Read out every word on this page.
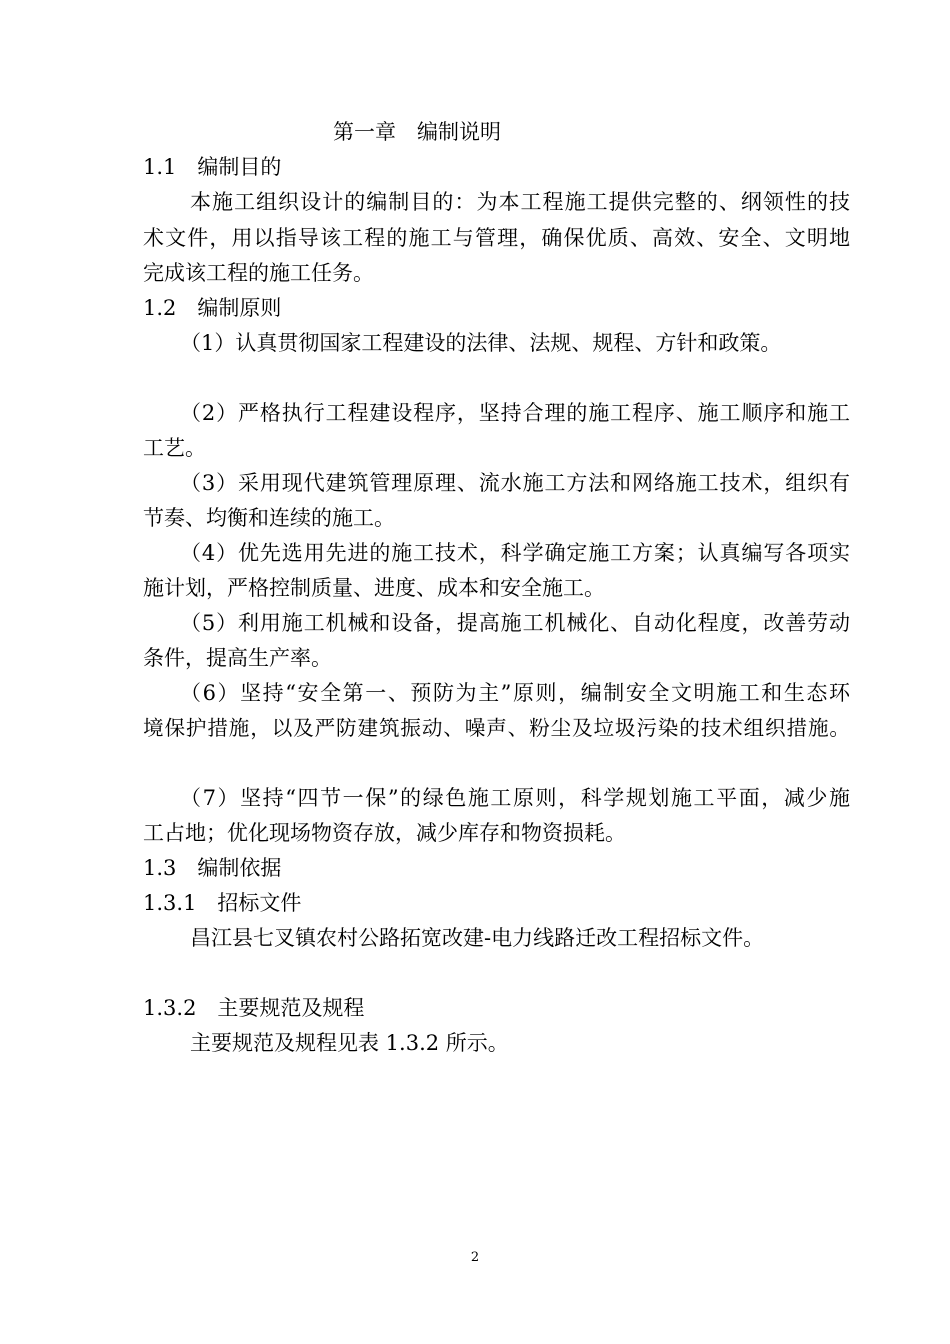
第一章　编制说明
1.1　编制目的
本施工组织设计的编制目的：为本工程施工提供完整的、纲领性的技
术文件，用以指导该工程的施工与管理，确保优质、高效、安全、文明地
完成该工程的施工任务。
1.2　编制原则
（1）认真贯彻国家工程建设的法律、法规、规程、方针和政策。
（2）严格执行工程建设程序，坚持合理的施工程序、施工顺序和施工
工艺。
（3）采用现代建筑管理原理、流水施工方法和网络施工技术，组织有
节奏、均衡和连续的施工。
（4）优先选用先进的施工技术，科学确定施工方案；认真编写各项实
施计划，严格控制质量、进度、成本和安全施工。
（5）利用施工机械和设备，提高施工机械化、自动化程度，改善劳动
条件，提高生产率。
（6）坚持“安全第一、预防为主”原则，编制安全文明施工和生态环
境保护措施，以及严防建筑振动、噪声、粉尘及垃圾污染的技术组织措施。
（7）坚持“四节一保”的绿色施工原则，科学规划施工平面，减少施
工占地；优化现场物资存放，减少库存和物资损耗。
1.3　编制依据
1.3.1　招标文件
昌江县七叉镇农村公路拓宽改建-电力线路迁改工程招标文件。
1.3.2　主要规范及规程
主要规范及规程见表 1.3.2 所示。
2
